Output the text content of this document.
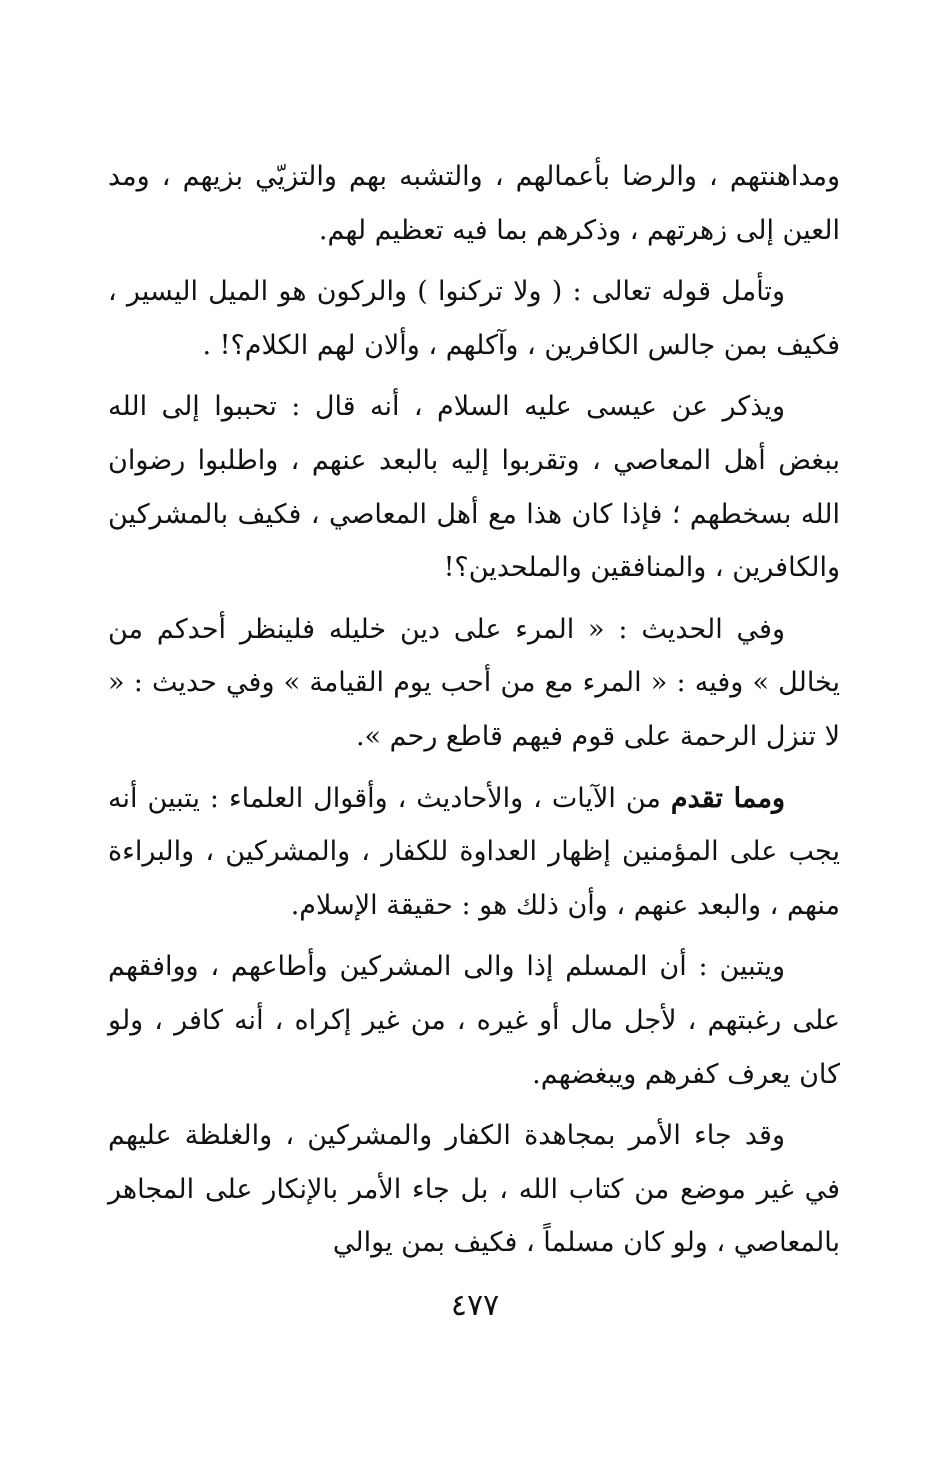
ومداهنتهم ، والرضا بأعمالهم ، والتشبه بهم والتزيّي بزيهم ، ومد العين إلى زهرتهم ، وذكرهم بما فيه تعظيم لهم.

وتأمل قوله تعالى : ( ولا تركنوا ) والركون هو الميل اليسير ، فكيف بمن جالس الكافرين ، وآكلهم ، وألان لهم الكلام؟! .

ويذكر عن عيسى عليه السلام ، أنه قال : تحببوا إلى الله ببغض أهل المعاصي ، وتقربوا إليه بالبعد عنهم ، واطلبوا رضوان الله بسخطهم ؛ فإذا كان هذا مع أهل المعاصي ، فكيف بالمشركين والكافرين ، والمنافقين والملحدين؟!

وفي الحديث : « المرء على دين خليله فلينظر أحدكم من يخالل » وفيه : « المرء مع من أحب يوم القيامة » وفي حديث : « لا تنزل الرحمة على قوم فيهم قاطع رحم ».

ومما تقدم من الآيات ، والأحاديث ، وأقوال العلماء : يتبين أنه يجب على المؤمنين إظهار العداوة للكفار ، والمشركين ، والبراءة منهم ، والبعد عنهم ، وأن ذلك هو : حقيقة الإسلام.

ويتبين : أن المسلم إذا والى المشركين وأطاعهم ، ووافقهم على رغبتهم ، لأجل مال أو غيره ، من غير إكراه ، أنه كافر ، ولو كان يعرف كفرهم ويبغضهم.

وقد جاء الأمر بمجاهدة الكفار والمشركين ، والغلظة عليهم في غير موضع من كتاب الله ، بل جاء الأمر بالإنكار على المجاهر بالمعاصي ، ولو كان مسلماً ، فكيف بمن يوالي

٤٧٧
